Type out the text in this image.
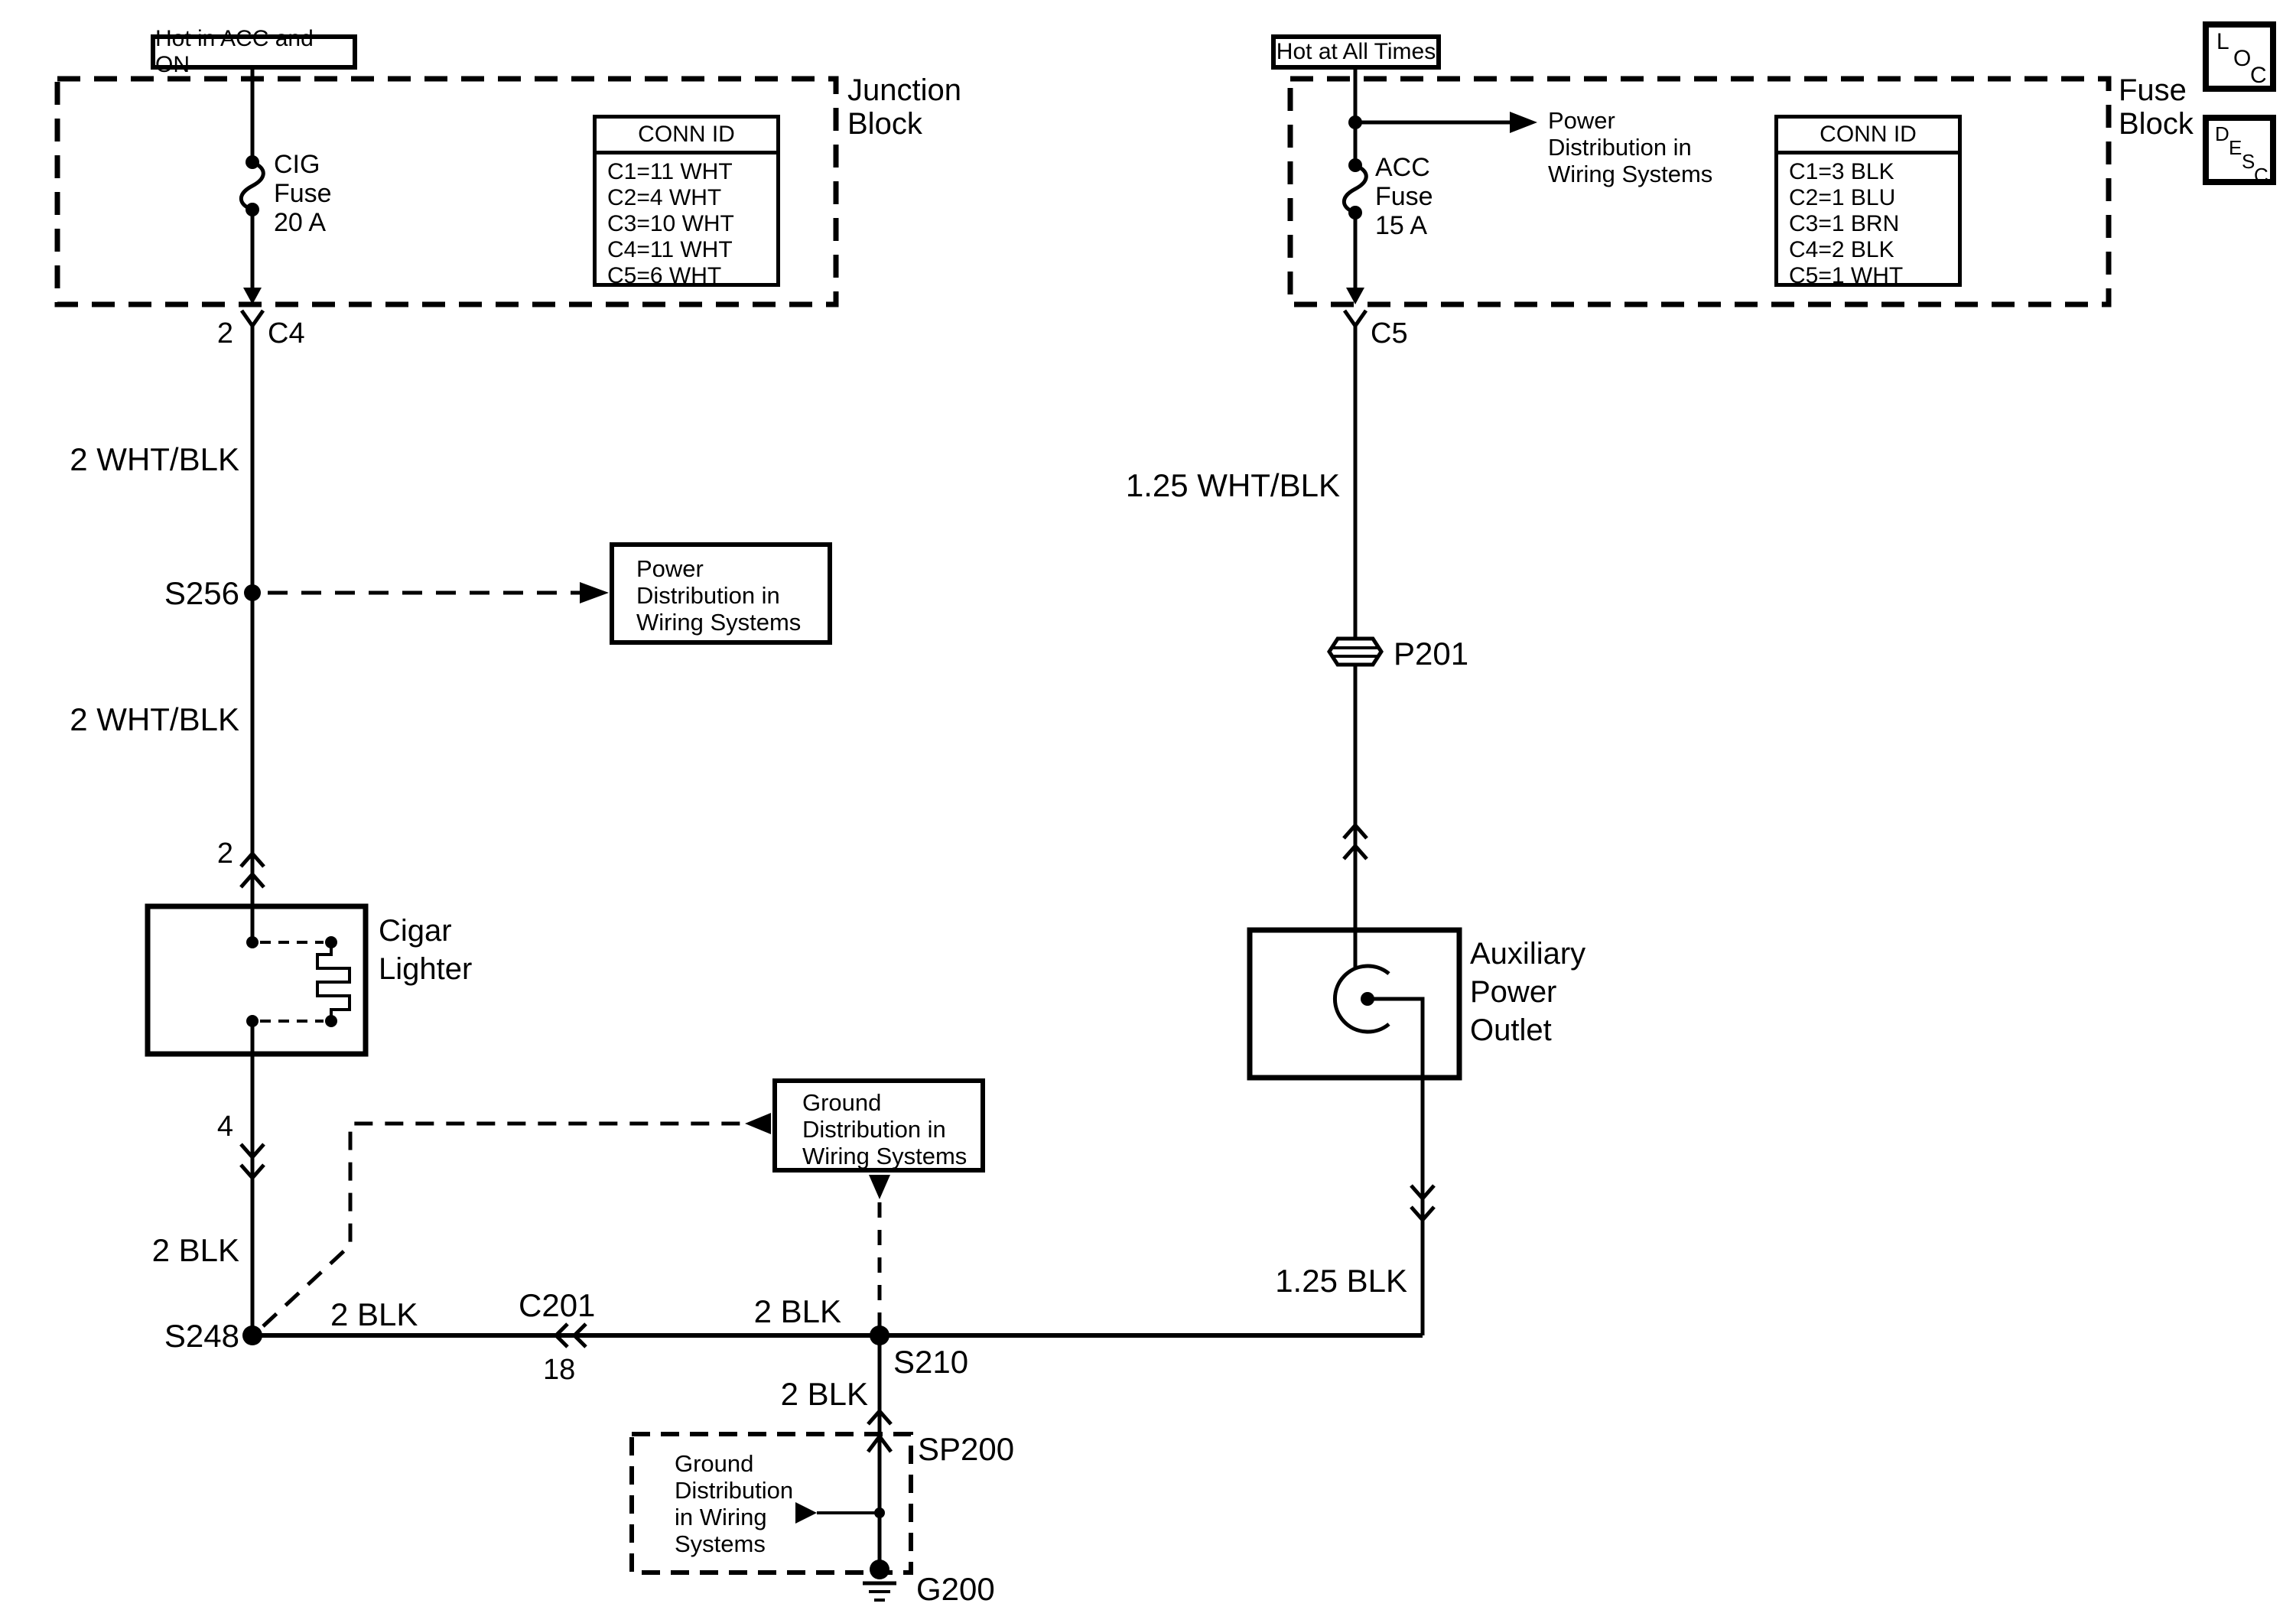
Hot in ACC and ON
Hot at All Times
Junction
Block
Fuse
Block
CIG
Fuse
20 A
ACC
Fuse
15 A
CONN ID
C1=11 WHT
C2=4 WHT
C3=10 WHT
C4=11 WHT
C5=6 WHT
CONN ID
C1=3 BLK
C2=1 BLU
C3=1 BRN
C4=2 BLK
C5=1 WHT
Power
Distribution in
Wiring Systems
2 C4	C5
2 WHT/BLK
S256
2 WHT/BLK
2
4
2 BLK
S248
Power
Distribution in
Wiring Systems
Cigar
Lighter
1.25 WHT/BLK
P201
Auxiliary
Power
Outlet
1.25 BLK
2 BLK	C201
18
2 BLK
S210
2 BLK
SP200
G200
Ground
Distribution in
Wiring Systems
Ground
Distribution
in Wiring
Systems
L
O
C
D
E
S
C
